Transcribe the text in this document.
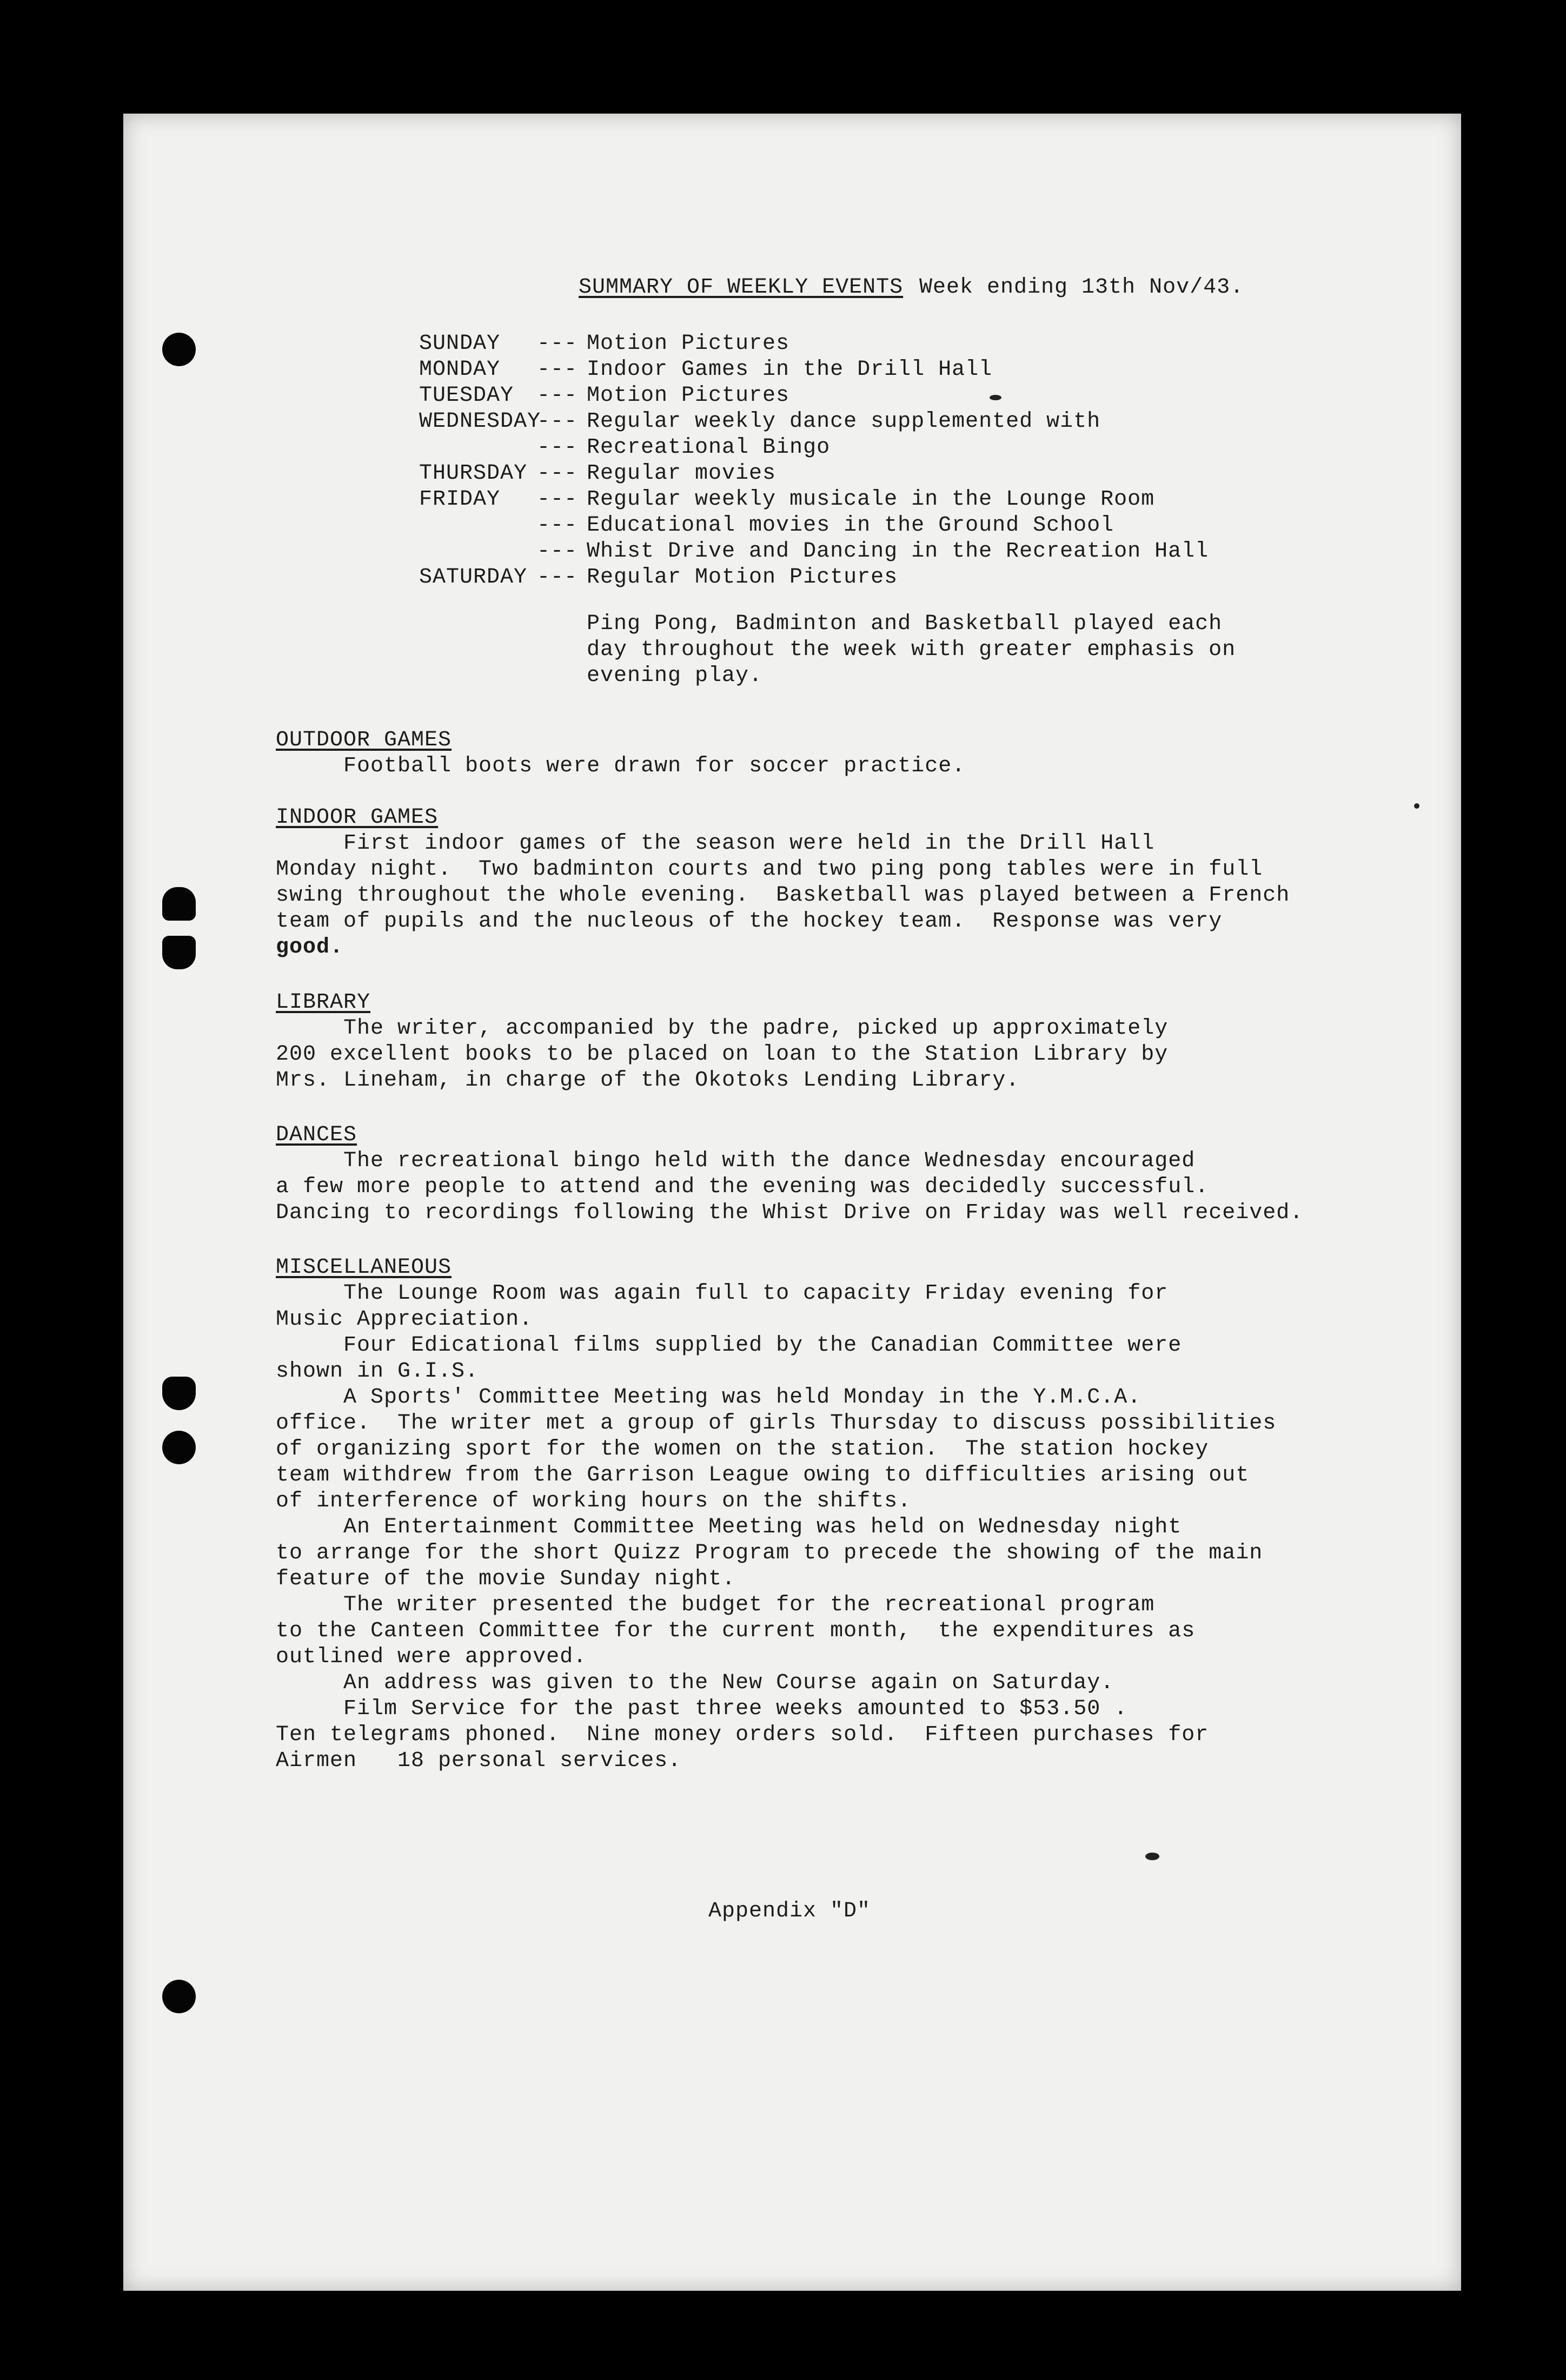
SUMMARY OF WEEKLY EVENTS Week ending 13th Nov/43.

SUNDAY

---

Motion Pictures

MONDAY

---

Indoor Games in the Drill Hall

TUESDAY

---

Motion Pictures

WEDNESDAY

---

Regular weekly dance supplemented with

---

Recreational Bingo

THURSDAY

---

Regular movies

FRIDAY

---

Regular weekly musicale in the Lounge Room

---

Educational movies in the Ground School

---

Whist Drive and Dancing in the Recreation Hall

SATURDAY

---

Regular Motion Pictures

Ping Pong, Badminton and Basketball played each
day throughout the week with greater emphasis on
evening play.
OUTDOOR GAMES
Football boots were drawn for soccer practice.
INDOOR GAMES
First indoor games of the season were held in the Drill Hall
Monday night.  Two badminton courts and two ping pong tables were in full
swing throughout the whole evening.  Basketball was played between a French
team of pupils and the nucleous of the hockey team.  Response was very
good.
LIBRARY
The writer, accompanied by the padre, picked up approximately
200 excellent books to be placed on loan to the Station Library by
Mrs. Lineham, in charge of the Okotoks Lending Library.
DANCES
The recreational bingo held with the dance Wednesday encouraged
a few more people to attend and the evening was decidedly successful.
Dancing to recordings following the Whist Drive on Friday was well received.
MISCELLANEOUS
The Lounge Room was again full to capacity Friday evening for
Music Appreciation.
Four Edicational films supplied by the Canadian Committee were
shown in G.I.S.
A Sports' Committee Meeting was held Monday in the Y.M.C.A.
office.  The writer met a group of girls Thursday to discuss possibilities
of organizing sport for the women on the station.  The station hockey
team withdrew from the Garrison League owing to difficulties arising out
of interference of working hours on the shifts.
An Entertainment Committee Meeting was held on Wednesday night
to arrange for the short Quizz Program to precede the showing of the main
feature of the movie Sunday night.
The writer presented the budget for the recreational program
to the Canteen Committee for the current month,  the expenditures as
outlined were approved.
An address was given to the New Course again on Saturday.
Film Service for the past three weeks amounted to $53.50 .
Ten telegrams phoned.  Nine money orders sold.  Fifteen purchases for
Airmen   18 personal services.
Appendix "D"
